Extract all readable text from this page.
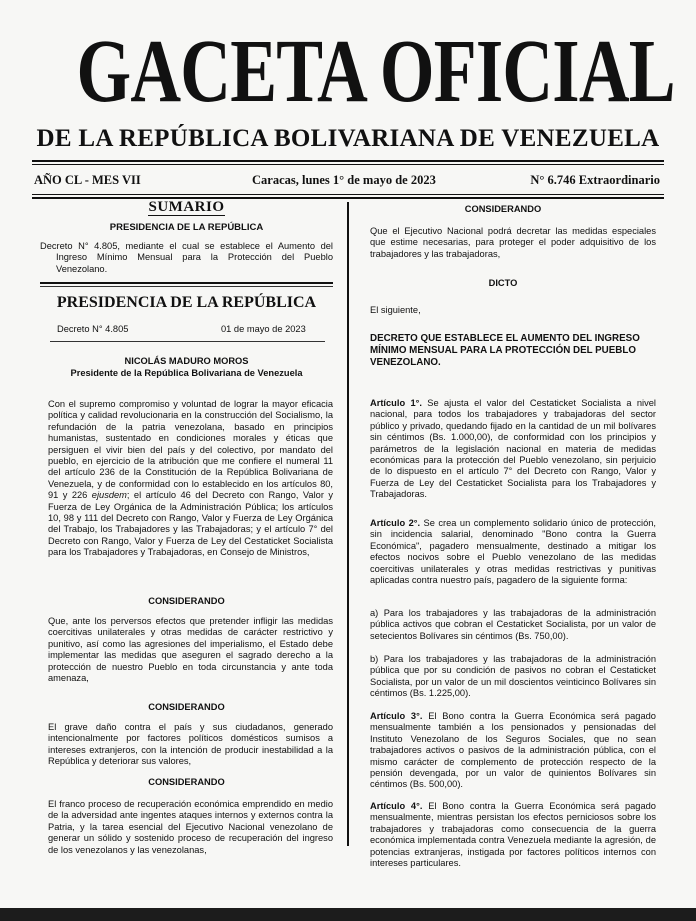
GACETA OFICIAL
DE LA REPÚBLICA BOLIVARIANA DE VENEZUELA
AÑO CL - MES VII	Caracas, lunes 1° de mayo de 2023	N° 6.746 Extraordinario
SUMARIO
PRESIDENCIA DE LA REPÚBLICA

Decreto N° 4.805, mediante el cual se establece el Aumento del Ingreso Mínimo Mensual para la Protección del Pueblo Venezolano.

PRESIDENCIA DE LA REPÚBLICA
Decreto N° 4.805	01 de mayo de 2023
NICOLÁS MADURO MOROS
Presidente de la República Bolivariana de Venezuela

Con el supremo compromiso y voluntad de lograr la mayor eficacia política y calidad revolucionaria en la construcción del Socialismo, la refundación de la patria venezolana, basado en principios humanistas, sustentado en condiciones morales y éticas que persiguen el vivir bien del país y del colectivo, por mandato del pueblo, en ejercicio de la atribución que me confiere el numeral 11 del artículo 236 de la Constitución de la República Bolivariana de Venezuela, y de conformidad con lo establecido en los artículos 80, 91 y 226 ejusdem; el artículo 46 del Decreto con Rango, Valor y Fuerza de Ley Orgánica de la Administración Pública; los artículos 10, 98 y 111 del Decreto con Rango, Valor y Fuerza de Ley Orgánica del Trabajo, los Trabajadores y las Trabajadoras; y el artículo 7° del Decreto con Rango, Valor y Fuerza de Ley del Cestaticket Socialista para los Trabajadores y Trabajadoras, en Consejo de Ministros,

CONSIDERANDO

Que, ante los perversos efectos que pretender infligir las medidas coercitivas unilaterales y otras medidas de carácter restrictivo y punitivo, así como las agresiones del imperialismo, el Estado debe implementar las medidas que aseguren el sagrado derecho a la protección de nuestro Pueblo en toda circunstancia y ante toda amenaza,

CONSIDERANDO

El grave daño contra el país y sus ciudadanos, generado intencionalmente por factores políticos domésticos sumisos a intereses extranjeros, con la intención de producir inestabilidad a la República y deteriorar sus valores,

CONSIDERANDO

El franco proceso de recuperación económica emprendido en medio de la adversidad ante ingentes ataques internos y externos contra la Patria, y la tarea esencial del Ejecutivo Nacional venezolano de generar un sólido y sostenido proceso de recuperación del ingreso de los venezolanos y las venezolanas,

CONSIDERANDO

Que el Ejecutivo Nacional podrá decretar las medidas especiales que estime necesarias, para proteger el poder adquisitivo de los trabajadores y las trabajadoras,

DICTO
El siguiente,

DECRETO QUE ESTABLECE EL AUMENTO DEL INGRESO MÍNIMO MENSUAL PARA LA PROTECCIÓN DEL PUEBLO VENEZOLANO.

Artículo 1°. Se ajusta el valor del Cestaticket Socialista a nivel nacional, para todos los trabajadores y trabajadoras del sector público y privado, quedando fijado en la cantidad de un mil bolívares sin céntimos (Bs. 1.000,00), de conformidad con los principios y parámetros de la legislación nacional en materia de medidas económicas para la protección del Pueblo venezolano, sin perjuicio de lo dispuesto en el artículo 7° del Decreto con Rango, Valor y Fuerza de Ley del Cestaticket Socialista para los Trabajadores y Trabajadoras.

Artículo 2°. Se crea un complemento solidario único de protección, sin incidencia salarial, denominado "Bono contra la Guerra Económica", pagadero mensualmente, destinado a mitigar los efectos nocivos sobre el Pueblo venezolano de las medidas coercitivas unilaterales y otras medidas restrictivas y punitivas aplicadas contra nuestro país, pagadero de la siguiente forma:

a) Para los trabajadores y las trabajadoras de la administración pública activos que cobran el Cestaticket Socialista, por un valor de setecientos Bolívares sin céntimos (Bs. 750,00).

b) Para los trabajadores y las trabajadoras de la administración pública que por su condición de pasivos no cobran el Cestaticket Socialista, por un valor de un mil doscientos veinticinco Bolívares sin céntimos (Bs. 1.225,00).

Artículo 3°. El Bono contra la Guerra Económica será pagado mensualmente también a los pensionados y pensionadas del Instituto Venezolano de los Seguros Sociales, que no sean trabajadores activos o pasivos de la administración pública, con el mismo carácter de complemento de protección respecto de la pensión devengada, por un valor de quinientos Bolívares sin céntimos (Bs. 500,00).

Artículo 4°. El Bono contra la Guerra Económica será pagado mensualmente, mientras persistan los efectos perniciosos sobre los trabajadores y trabajadoras como consecuencia de la guerra económica implementada contra Venezuela mediante la agresión, de potencias extranjeras, instigada por factores políticos internos con intereses particulares.
